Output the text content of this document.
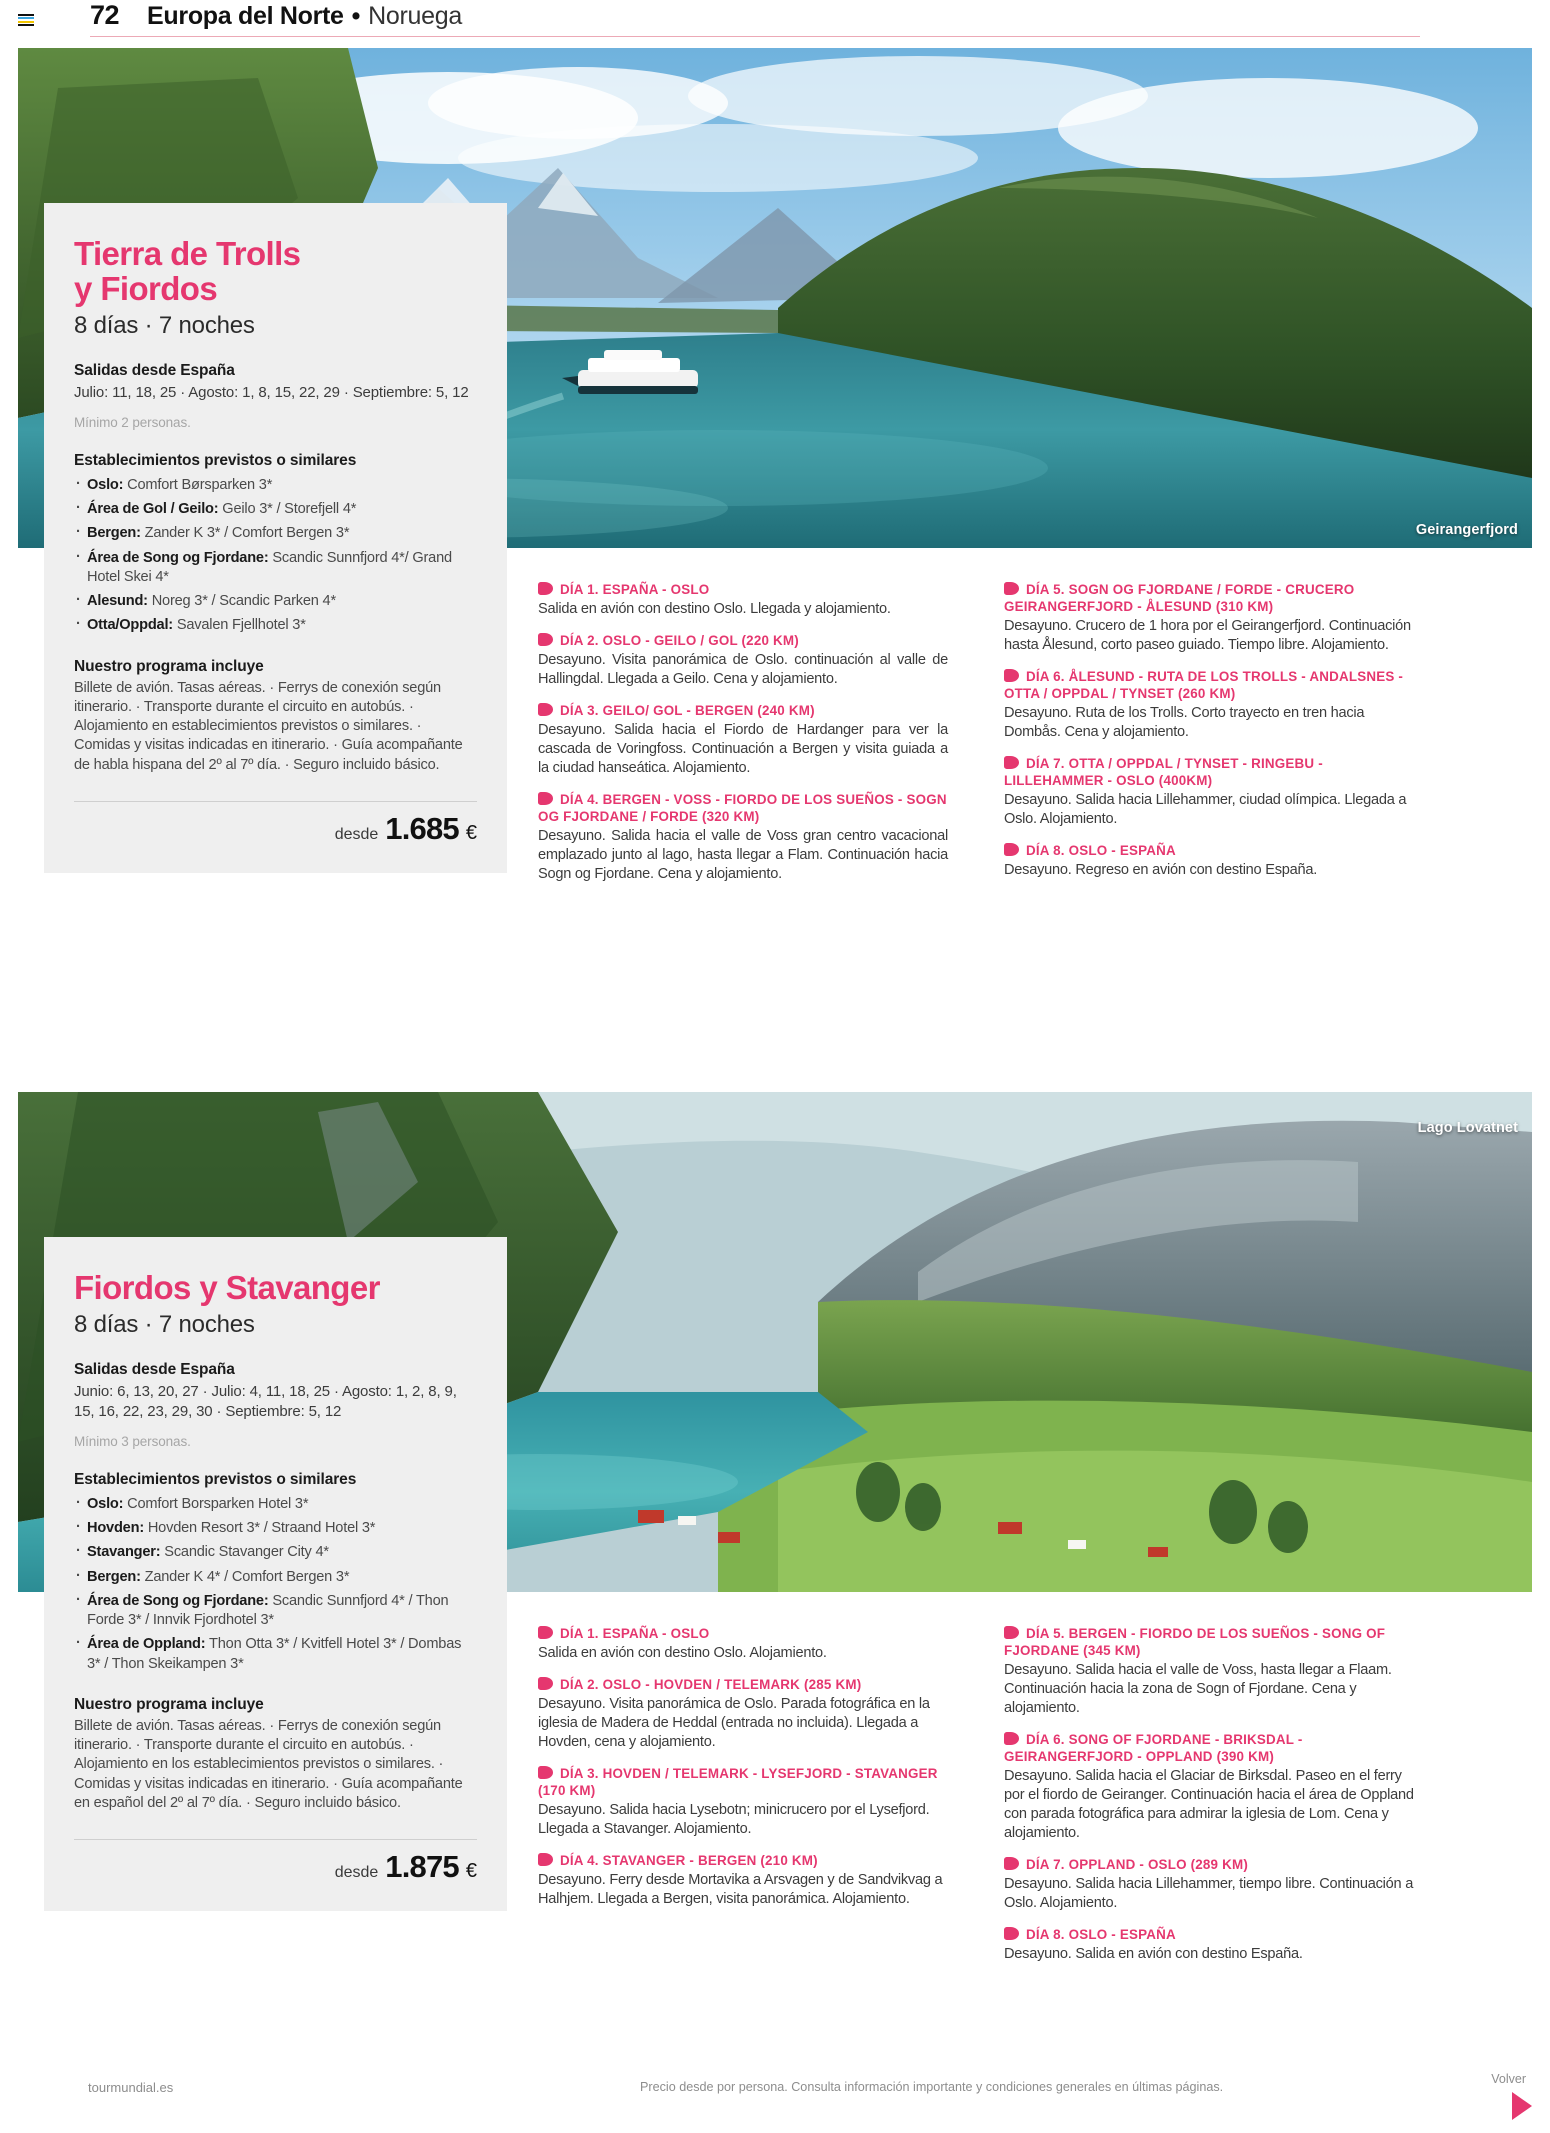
72 Europa del Norte • Noruega
Geirangerfjord
Tierra de Trolls
y Fiordos
8 días · 7 noches
Salidas desde España
Julio: 11, 18, 25 · Agosto: 1, 8, 15, 22, 29 · Septiembre: 5, 12
Mínimo 2 personas.
Establecimientos previstos o similares
· Oslo: Comfort Børsparken 3*
· Área de Gol / Geilo: Geilo 3* / Storefjell 4*
· Bergen: Zander K 3* / Comfort Bergen 3*
· Área de Song og Fjordane: Scandic Sunnfjord 4*/ Grand Hotel Skei 4*
· Alesund: Noreg 3* / Scandic Parken 4*
· Otta/Oppdal: Savalen Fjellhotel 3*
Nuestro programa incluye
Billete de avión. Tasas aéreas. · Ferrys de conexión según itinerario. · Transporte durante el circuito en autobús. · Alojamiento en establecimientos previstos o similares. · Comidas y visitas indicadas en itinerario. · Guía acompañante de habla hispana del 2º al 7º día. · Seguro incluido básico.
desde 1.685 €
DÍA 1. ESPAÑA - OSLO
Salida en avión con destino Oslo. Llegada y alojamiento.
DÍA 2. OSLO - GEILO / GOL (220 KM)
Desayuno. Visita panorámica de Oslo. continuación al valle de Hallingdal. Llegada a Geilo. Cena y alojamiento.
DÍA 3. GEILO/ GOL - BERGEN (240 KM)
Desayuno. Salida hacia el Fiordo de Hardanger para ver la cascada de Voringfoss. Continuación a Bergen y visita guiada a la ciudad hanseática. Alojamiento.
DÍA 4. BERGEN - VOSS - FIORDO DE LOS SUEÑOS - SOGN OG FJORDANE / FORDE (320 KM)
Desayuno. Salida hacia el valle de Voss gran centro vacacional emplazado junto al lago, hasta llegar a Flam. Continuación hacia Sogn og Fjordane. Cena y alojamiento.
DÍA 5. SOGN OG FJORDANE / FORDE - CRUCERO GEIRANGERFJORD - ÅLESUND (310 KM)
Desayuno. Crucero de 1 hora por el Geirangerfjord. Continuación hasta Ålesund, corto paseo guiado. Tiempo libre. Alojamiento.
DÍA 6. ÅLESUND - RUTA DE LOS TROLLS - ANDALSNES - OTTA / OPPDAL / TYNSET (260 KM)
Desayuno. Ruta de los Trolls. Corto trayecto en tren hacia Dombås. Cena y alojamiento.
DÍA 7. OTTA / OPPDAL / TYNSET - RINGEBU - LILLEHAMMER - OSLO (400KM)
Desayuno. Salida hacia Lillehammer, ciudad olímpica. Llegada a Oslo. Alojamiento.
DÍA 8. OSLO - ESPAÑA
Desayuno. Regreso en avión con destino España.
Lago Lovatnet
Fiordos y Stavanger
8 días · 7 noches
Salidas desde España
Junio: 6, 13, 20, 27 · Julio: 4, 11, 18, 25 · Agosto: 1, 2, 8, 9, 15, 16, 22, 23, 29, 30 · Septiembre: 5, 12
Mínimo 3 personas.
Establecimientos previstos o similares
· Oslo: Comfort Borsparken Hotel 3*
· Hovden: Hovden Resort 3* / Straand Hotel 3*
· Stavanger: Scandic Stavanger City 4*
· Bergen: Zander K 4* / Comfort Bergen 3*
· Área de Song og Fjordane: Scandic Sunnfjord 4* / Thon Forde 3* / Innvik Fjordhotel 3*
· Área de Oppland: Thon Otta 3* / Kvitfell Hotel 3* / Dombas 3* / Thon Skeikampen 3*
Nuestro programa incluye
Billete de avión. Tasas aéreas. · Ferrys de conexión según itinerario. · Transporte durante el circuito en autobús. · Alojamiento en los establecimientos previstos o similares. · Comidas y visitas indicadas en itinerario. · Guía acompañante en español del 2º al 7º día. · Seguro incluido básico.
desde 1.875 €
DÍA 1. ESPAÑA - OSLO
Salida en avión con destino Oslo. Alojamiento.
DÍA 2. OSLO - HOVDEN / TELEMARK (285 KM)
Desayuno. Visita panorámica de Oslo. Parada fotográfica en la iglesia de Madera de Heddal (entrada no incluida). Llegada a Hovden, cena y alojamiento.
DÍA 3. HOVDEN / TELEMARK - LYSEFJORD - STAVANGER (170 KM)
Desayuno. Salida hacia Lysebotn; minicrucero por el Lysefjord. Llegada a Stavanger. Alojamiento.
DÍA 4. STAVANGER - BERGEN (210 KM)
Desayuno. Ferry desde Mortavika a Arsvagen y de Sandvikvag a Halhjem. Llegada a Bergen, visita panorámica. Alojamiento.
DÍA 5. BERGEN - FIORDO DE LOS SUEÑOS - SONG OF FJORDANE (345 KM)
Desayuno. Salida hacia el valle de Voss, hasta llegar a Flaam. Continuación hacia la zona de Sogn of Fjordane. Cena y alojamiento.
DÍA 6. SONG OF FJORDANE - BRIKSDAL - GEIRANGERFJORD - OPPLAND (390 KM)
Desayuno. Salida hacia el Glaciar de Birksdal. Paseo en el ferry por el fiordo de Geiranger. Continuación hacia el área de Oppland con parada fotográfica para admirar la iglesia de Lom. Cena y alojamiento.
DÍA 7. OPPLAND - OSLO (289 KM)
Desayuno. Salida hacia Lillehammer, tiempo libre. Continuación a Oslo. Alojamiento.
DÍA 8. OSLO - ESPAÑA
Desayuno. Salida en avión con destino España.
tourmundial.es	Precio desde por persona. Consulta información importante y condiciones generales en últimas páginas.
Volver
